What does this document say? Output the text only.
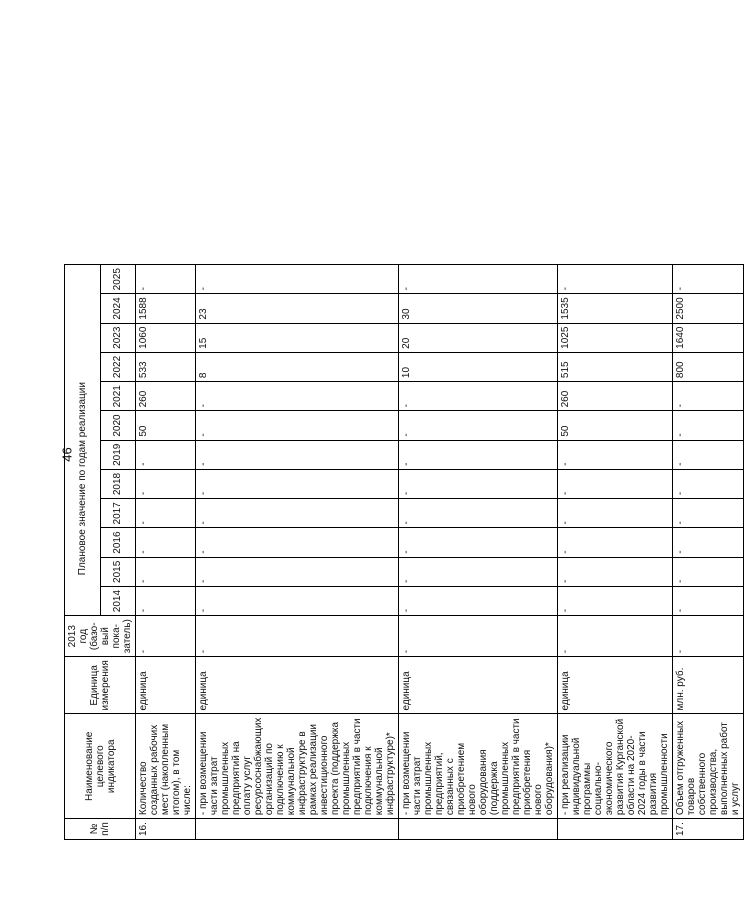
46
№ п/п	Наименование целевого индикатора	Единица измерения	2013 год (базо-вый пока-затель)	Плановое значение по годам реализации											
				2014	2015	2016	2017	2018	2019	2020	2021	2022	2023	2024	2025
16.	Количество созданных рабочих мест (накопленным итогом), в том числе:	единица	-	-	-	-	-	-	-	50	260	533	1060	1588	-
	- при возмещении части затрат промышленных предприятий на оплату услуг ресурсоснабжающих организаций по подключению к коммунальной инфраструктуре в рамках реализации инвестиционного проекта (поддержка промышленных предприятий в части подключения к коммунальной инфраструктуре)*	единица	-	-	-	-	-	-	-	-	-	8	15	23	-
	- при возмещении части затрат промышленных предприятий, связанных с приобретением нового оборудования (поддержка промышленных предприятий в части приобретения нового оборудования)*	единица	-	-	-	-	-	-	-	-	-	10	20	30	-
	- при реализации индивидуальной программы социально-экономического развития Курганской области на 2020- 2024 годы в части развития промышленности	единица	-	-	-	-	-	-	-	50	260	515	1025	1535	-
17.	Объем отгруженных товаров собственного производства, выполненных работ и услуг	млн. руб.	-	-	-	-	-	-	-	-	-	800	1640	2500	-
